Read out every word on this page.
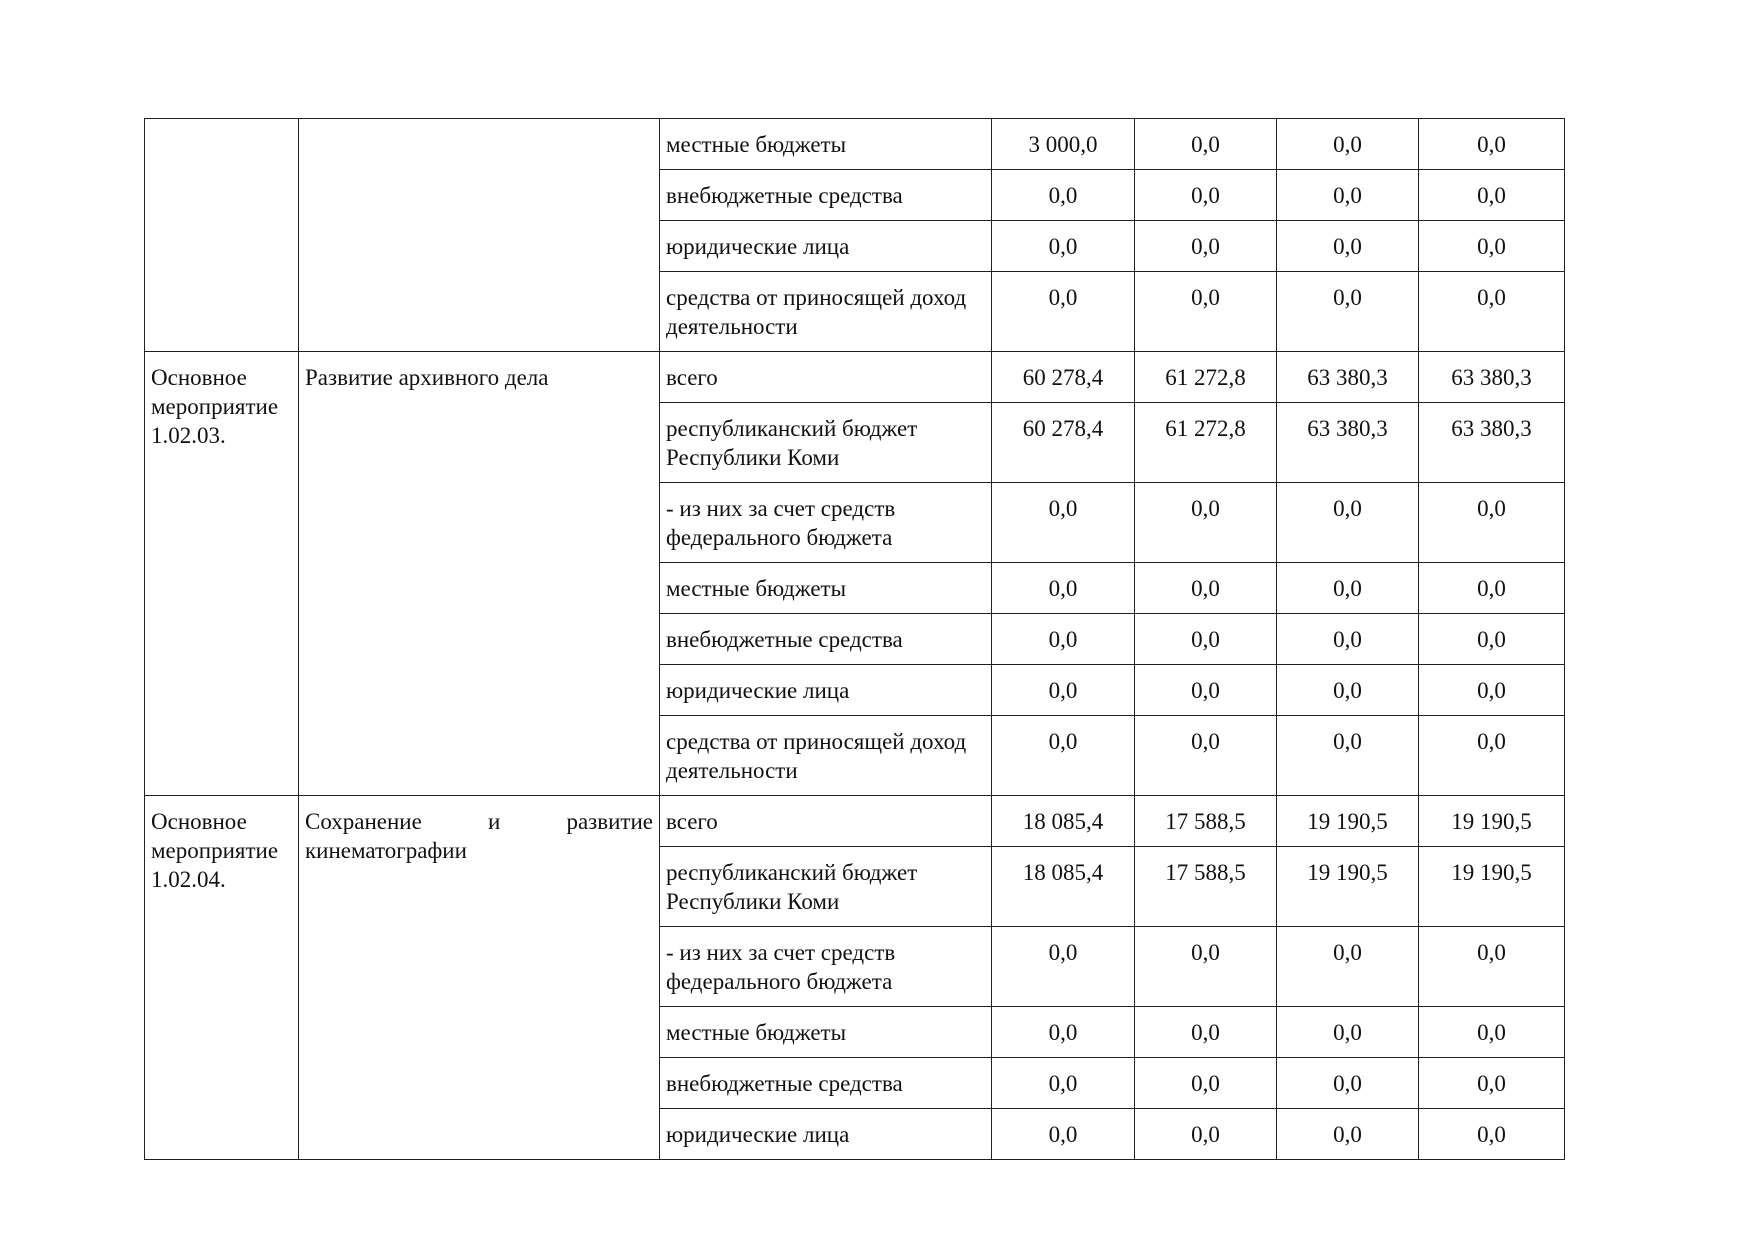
		местные бюджеты	3 000,0	0,0	0,0	0,0
		внебюджетные средства	0,0	0,0	0,0	0,0
		юридические лица	0,0	0,0	0,0	0,0
		средства от приносящей доход деятельности	0,0	0,0	0,0	0,0
Основное мероприятие 1.02.03.	Развитие архивного дела	всего	60 278,4	61 272,8	63 380,3	63 380,3
		республиканский бюджет Республики Коми	60 278,4	61 272,8	63 380,3	63 380,3
		- из них за счет средств федерального бюджета	0,0	0,0	0,0	0,0
		местные бюджеты	0,0	0,0	0,0	0,0
		внебюджетные средства	0,0	0,0	0,0	0,0
		юридические лица	0,0	0,0	0,0	0,0
		средства от приносящей доход деятельности	0,0	0,0	0,0	0,0
Основное мероприятие 1.02.04.	Сохранение и развитие кинематографии	всего	18 085,4	17 588,5	19 190,5	19 190,5
		республиканский бюджет Республики Коми	18 085,4	17 588,5	19 190,5	19 190,5
		- из них за счет средств федерального бюджета	0,0	0,0	0,0	0,0
		местные бюджеты	0,0	0,0	0,0	0,0
		внебюджетные средства	0,0	0,0	0,0	0,0
		юридические лица	0,0	0,0	0,0	0,0
